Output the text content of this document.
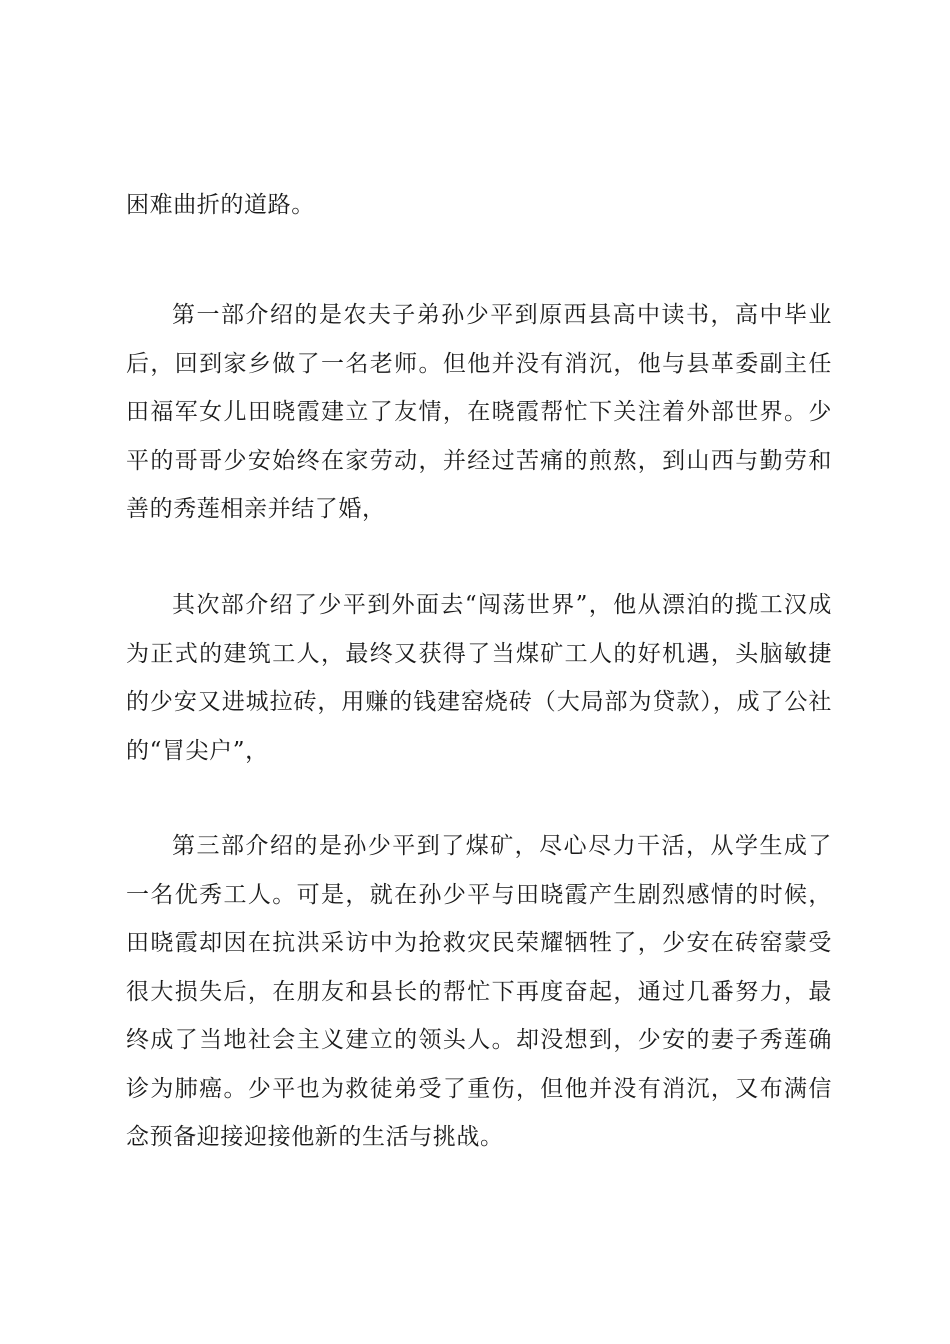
困难曲折的道路。

第一部介绍的是农夫子弟孙少平到原西县高中读书，高中毕业后，回到家乡做了一名老师。但他并没有消沉，他与县革委副主任田福军女儿田晓霞建立了友情，在晓霞帮忙下关注着外部世界。少平的哥哥少安始终在家劳动，并经过苦痛的煎熬，到山西与勤劳和善的秀莲相亲并结了婚，

其次部介绍了少平到外面去“闯荡世界”，他从漂泊的揽工汉成为正式的建筑工人，最终又获得了当煤矿工人的好机遇，头脑敏捷的少安又进城拉砖，用赚的钱建窑烧砖（大局部为贷款），成了公社的“冒尖户”，

第三部介绍的是孙少平到了煤矿，尽心尽力干活，从学生成了一名优秀工人。可是，就在孙少平与田晓霞产生剧烈感情的时候，田晓霞却因在抗洪采访中为抢救灾民荣耀牺牲了，少安在砖窑蒙受很大损失后，在朋友和县长的帮忙下再度奋起，通过几番努力，最终成了当地社会主义建立的领头人。却没想到，少安的妻子秀莲确诊为肺癌。少平也为救徒弟受了重伤，但他并没有消沉，又布满信念预备迎接迎接他新的生活与挑战。
